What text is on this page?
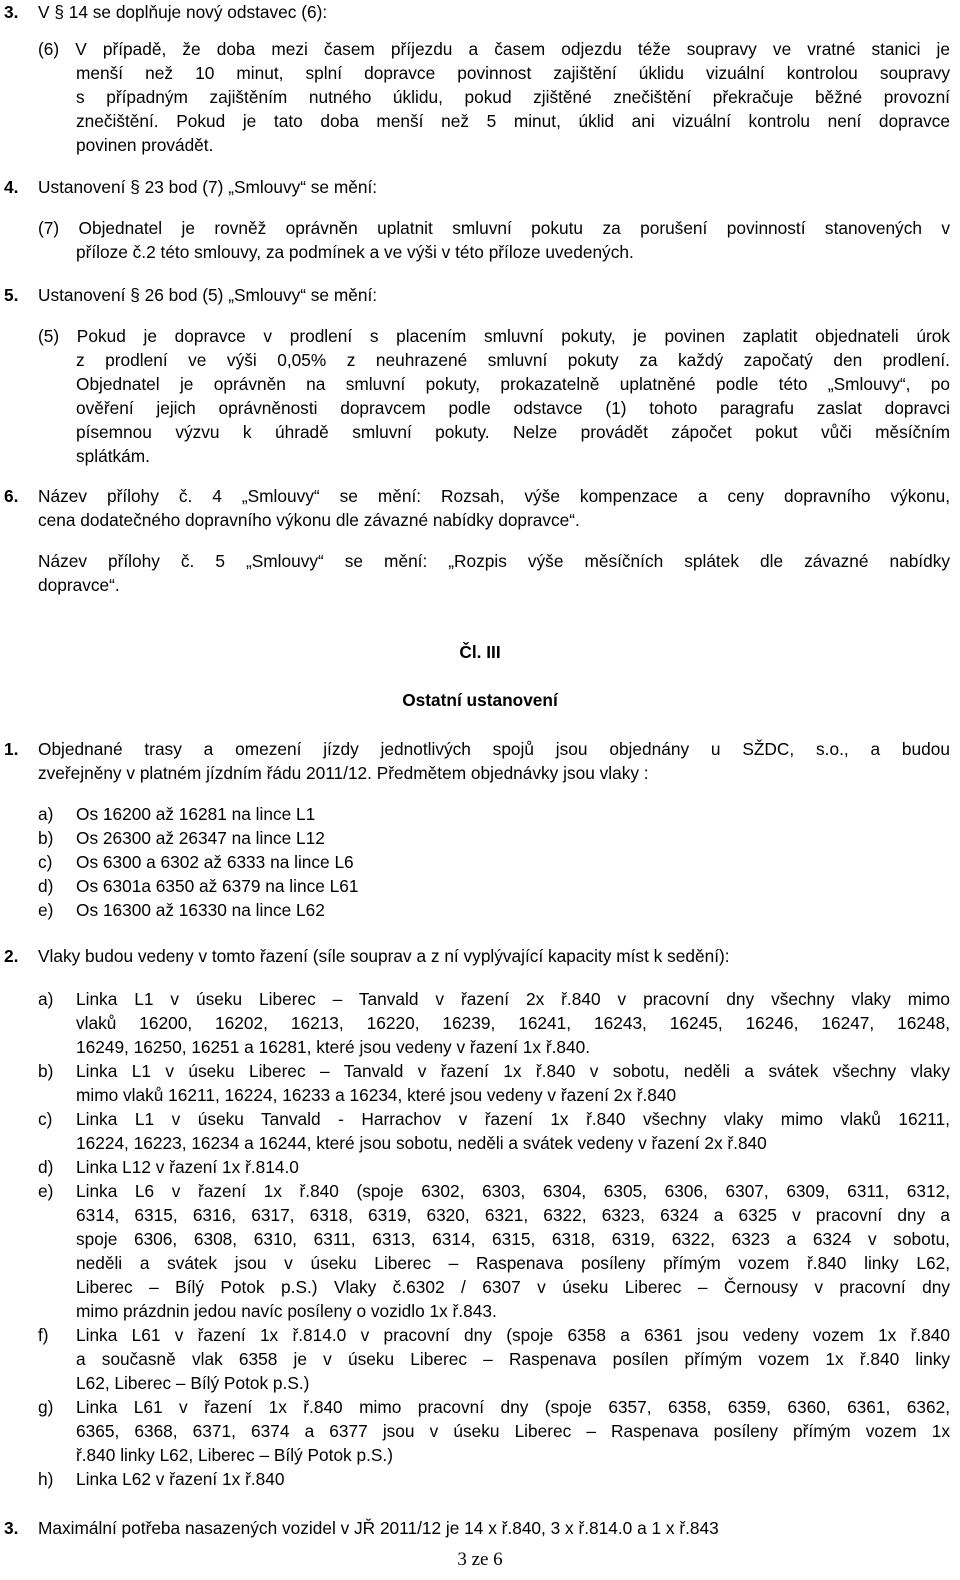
3. V § 14 se doplňuje nový odstavec (6):
(6) V případě, že doba mezi časem příjezdu a časem odjezdu téže soupravy ve vratné stanici je
menší než 10 minut, splní dopravce povinnost zajištění úklidu vizuální kontrolou soupravy
s případným zajištěním nutného úklidu, pokud zjištěné znečištění překračuje běžné provozní
znečištění. Pokud je tato doba menší než 5 minut, úklid ani vizuální kontrolu není dopravce
povinen provádět.
4. Ustanovení § 23 bod (7) „Smlouvy“ se mění:
(7) Objednatel je rovněž oprávněn uplatnit smluvní pokutu za porušení povinností stanovených v
příloze č.2 této smlouvy, za podmínek a ve výši v této příloze uvedených.
5. Ustanovení § 26 bod (5) „Smlouvy“ se mění:
(5) Pokud je dopravce v prodlení s placením smluvní pokuty, je povinen zaplatit objednateli úrok
z prodlení ve výši 0,05% z neuhrazené smluvní pokuty za každý započatý den prodlení.
Objednatel je oprávněn na smluvní pokuty, prokazatelně uplatněné podle této „Smlouvy“, po
ověření jejich oprávněnosti dopravcem podle odstavce (1) tohoto paragrafu zaslat dopravci
písemnou výzvu k úhradě smluvní pokuty. Nelze provádět zápočet pokut vůči měsíčním
splátkám.
6. Název přílohy č. 4 „Smlouvy“ se mění: Rozsah, výše kompenzace a ceny dopravního výkonu,
cena dodatečného dopravního výkonu dle závazné nabídky dopravce“.
Název přílohy č. 5 „Smlouvy“ se mění: „Rozpis výše měsíčních splátek dle závazné nabídky
dopravce“.
Čl. III
Ostatní ustanovení
1. Objednané trasy a omezení jízdy jednotlivých spojů jsou objednány u SŽDC, s.o., a budou
zveřejněny v platném jízdním řádu 2011/12. Předmětem objednávky jsou vlaky :
a) Os 16200 až 16281 na lince L1
b) Os 26300 až 26347 na lince L12
c) Os 6300 a 6302 až 6333 na lince L6
d) Os 6301a 6350 až 6379 na lince L61
e) Os 16300 až 16330 na lince L62
2. Vlaky budou vedeny v tomto řazení (síle souprav a z ní vyplývající kapacity míst k sedění):
a) Linka L1 v úseku Liberec – Tanvald v řazení 2x ř.840 v pracovní dny všechny vlaky mimo
vlaků 16200, 16202, 16213, 16220, 16239, 16241, 16243, 16245, 16246, 16247, 16248,
16249, 16250, 16251 a 16281, které jsou vedeny v řazení 1x ř.840.
b) Linka L1 v úseku Liberec – Tanvald v řazení 1x ř.840 v sobotu, neděli a svátek všechny vlaky
mimo vlaků 16211, 16224, 16233 a 16234, které jsou vedeny v řazení 2x ř.840
c) Linka L1 v úseku Tanvald - Harrachov v řazení 1x ř.840 všechny vlaky mimo vlaků 16211,
16224, 16223, 16234 a 16244, které jsou sobotu, neděli a svátek vedeny v řazení 2x ř.840
d) Linka L12 v řazení 1x ř.814.0
e) Linka L6 v řazení 1x ř.840 (spoje 6302, 6303, 6304, 6305, 6306, 6307, 6309, 6311, 6312,
6314, 6315, 6316, 6317, 6318, 6319, 6320, 6321, 6322, 6323, 6324 a 6325 v pracovní dny a
spoje 6306, 6308, 6310, 6311, 6313, 6314, 6315, 6318, 6319, 6322, 6323 a 6324 v sobotu,
neděli a svátek jsou v úseku Liberec – Raspenava posíleny přímým vozem ř.840 linky L62,
Liberec – Bílý Potok p.S.) Vlaky č.6302 / 6307 v úseku Liberec – Černousy v pracovní dny
mimo prázdnin jedou navíc posíleny o vozidlo 1x ř.843.
f) Linka L61 v řazení 1x ř.814.0 v pracovní dny (spoje 6358 a 6361 jsou vedeny vozem 1x ř.840
a současně vlak 6358 je v úseku Liberec – Raspenava posílen přímým vozem 1x ř.840 linky
L62, Liberec – Bílý Potok p.S.)
g) Linka L61 v řazení 1x ř.840 mimo pracovní dny (spoje 6357, 6358, 6359, 6360, 6361, 6362,
6365, 6368, 6371, 6374 a 6377 jsou v úseku Liberec – Raspenava posíleny přímým vozem 1x
ř.840 linky L62, Liberec – Bílý Potok p.S.)
h) Linka L62 v řazení 1x ř.840
3. Maximální potřeba nasazených vozidel v JŘ 2011/12 je 14 x ř.840, 3 x ř.814.0 a 1 x ř.843
3 ze 6
